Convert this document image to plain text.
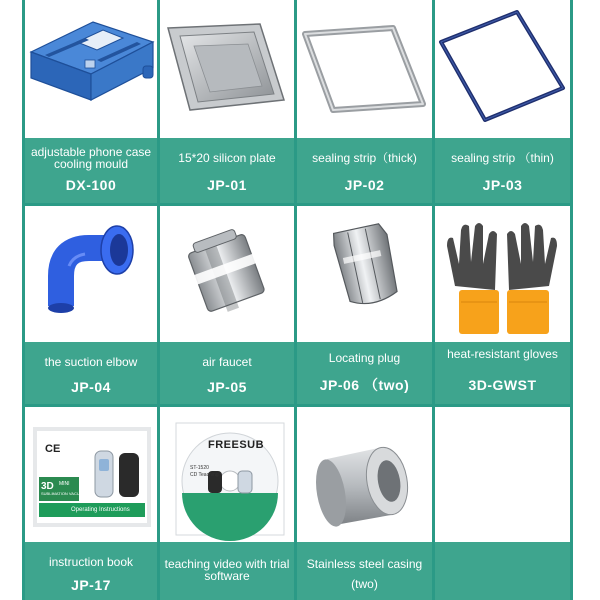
adjustable phone case cooling mould
DX-100
15*20 silicon plate
JP-01
sealing strip（thick)
JP-02
sealing strip （thin)
JP-03
the suction elbow
JP-04
air faucet
JP-05
Locating plug
JP-06 （two)
heat-resistant gloves
3D-GWST
CE
3D MINI
SUBLIMATION VACUUM
Operating Instructions
instruction book
JP-17
FREESUB
ST-1520
CD Teaching
teaching video with trial software
Stainless steel casing
(two)
